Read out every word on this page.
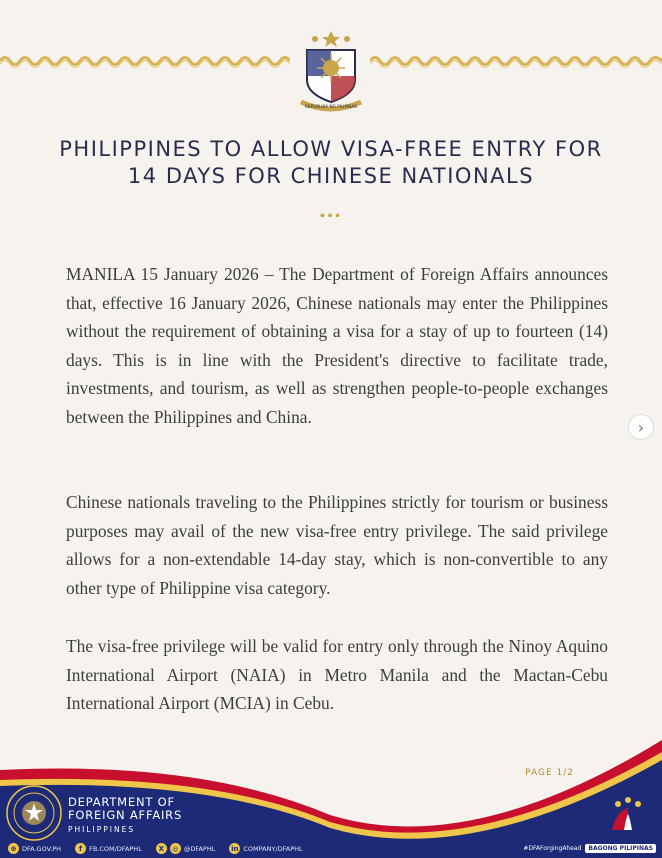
REPUBLIKA NG PILIPINAS
PHILIPPINES TO ALLOW VISA-FREE ENTRY FOR
14 DAYS FOR CHINESE NATIONALS
•••

MANILA 15 January 2026 – The Department of Foreign Affairs announces that, effective 16 January 2026, Chinese nationals may enter the Philippines without the requirement of obtaining a visa for a stay of up to fourteen (14) days. This is in line with the President's directive to facilitate trade, investments, and tourism, as well as strengthen people-to-people exchanges between the Philippines and China.

Chinese nationals traveling to the Philippines strictly for tourism or business purposes may avail of the new visa-free entry privilege. The said privilege allows for a non-extendable 14-day stay, which is non-convertible to any other type of Philippine visa category.

The visa-free privilege will be valid for entry only through the Ninoy Aquino International Airport (NAIA) in Metro Manila and the Mactan-Cebu International Airport (MCIA) in Cebu.

›
PAGE 1/2
DEPARTMENT OF
FOREIGN AFFAIRS
PHILIPPINES
⊕ DFA.GOV.PH	f	FB.COM/DFAPHL	X	◎ @DFAPHL in COMPANY/DFAPHL	#DFAForgingAhead	BAGONG PILIPINAS
